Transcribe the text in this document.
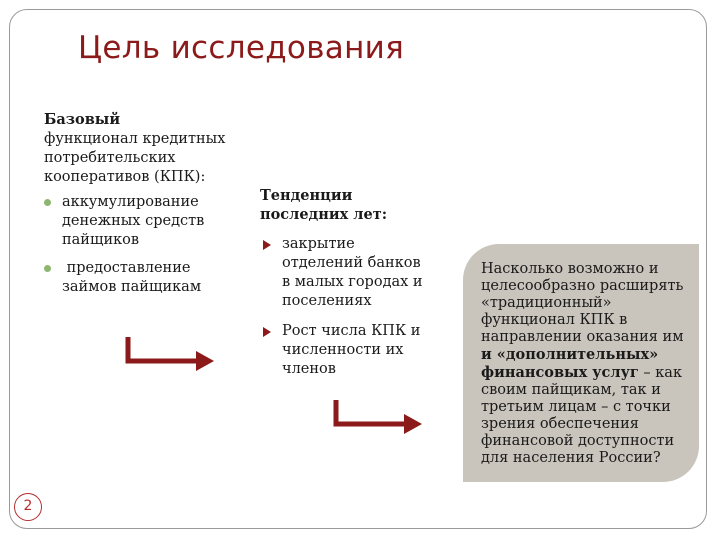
Цель исследования
Базовый
функционал кредитных потребительских кооперативов (КПК):
аккумулирование денежных средств пайщиков
предоставление займов пайщикам
Тенденции последних лет:
закрытие отделений банков в малых городах и поселениях
Рост числа КПК и численности их членов
Насколько возможно и целесообразно расширять «традиционный» функционал КПК в направлении оказания им и «дополнительных» финансовых услуг – как своим пайщикам, так и третьим лицам – с точки зрения обеспечения финансовой доступности для населения России?
2
